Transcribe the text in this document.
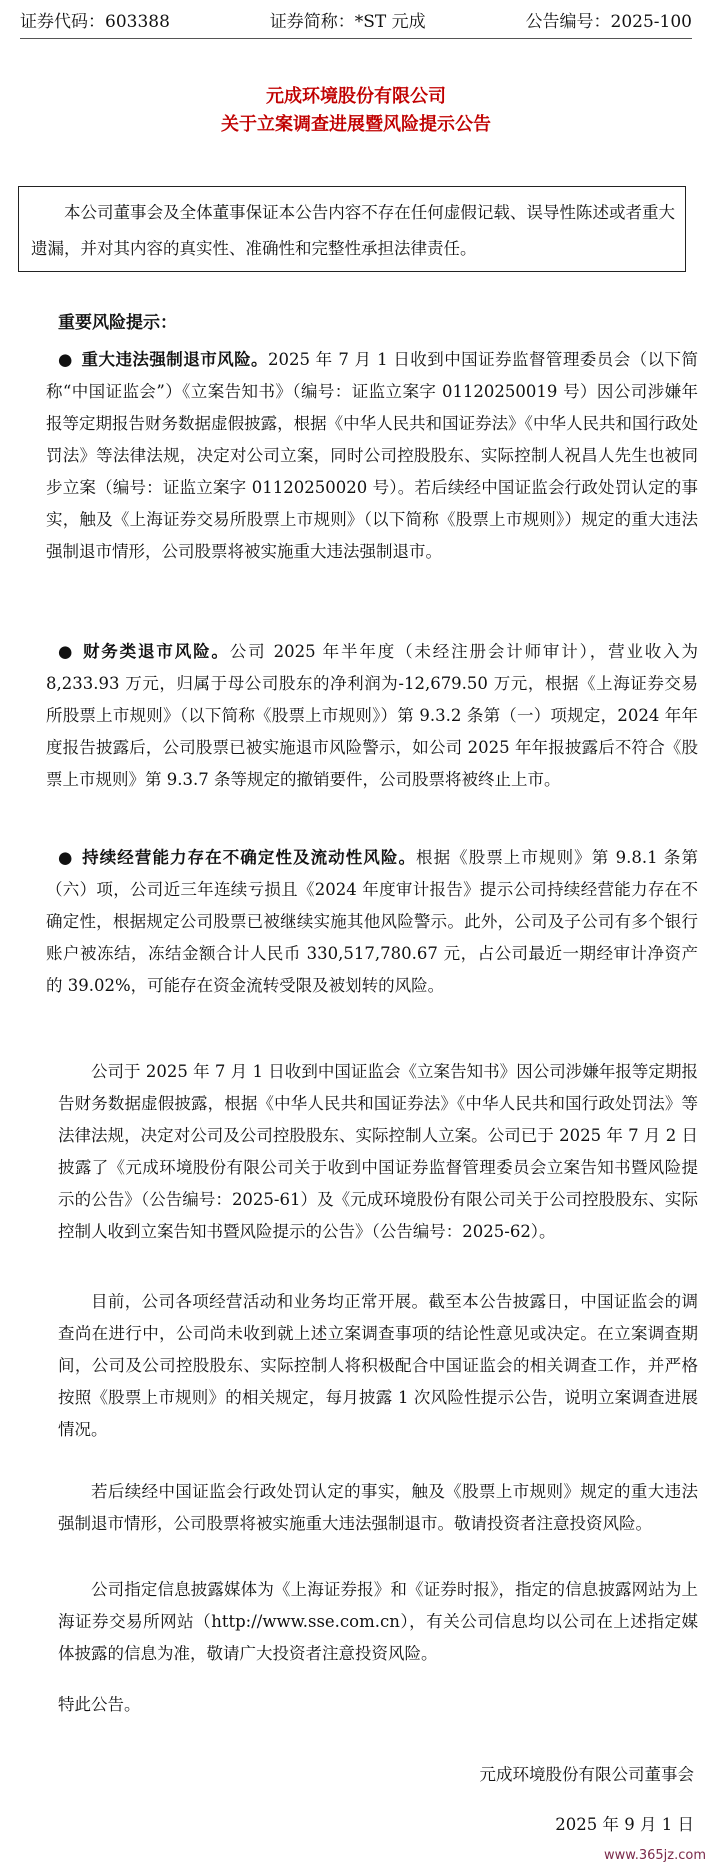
证券代码：603388	证券简称：*ST 元成	公告编号：2025-100
元成环境股份有限公司
关于立案调查进展暨风险提示公告
本公司董事会及全体董事保证本公告内容不存在任何虚假记载、误导性陈述或者重大遗漏，并对其内容的真实性、准确性和完整性承担法律责任。
重要风险提示：
● 重大违法强制退市风险。2025 年 7 月 1 日收到中国证券监督管理委员会（以下简称“中国证监会”）《立案告知书》（编号：证监立案字 01120250019 号）因公司涉嫌年报等定期报告财务数据虚假披露，根据《中华人民共和国证券法》《中华人民共和国行政处罚法》等法律法规，决定对公司立案，同时公司控股股东、实际控制人祝昌人先生也被同步立案（编号：证监立案字 01120250020 号）。若后续经中国证监会行政处罚认定的事实，触及《上海证券交易所股票上市规则》（以下简称《股票上市规则》）规定的重大违法强制退市情形，公司股票将被实施重大违法强制退市。
● 财务类退市风险。公司 2025 年半年度（未经注册会计师审计），营业收入为 8,233.93 万元，归属于母公司股东的净利润为-12,679.50 万元，根据《上海证券交易所股票上市规则》（以下简称《股票上市规则》）第 9.3.2 条第（一）项规定，2024 年年度报告披露后，公司股票已被实施退市风险警示，如公司 2025 年年报披露后不符合《股票上市规则》第 9.3.7 条等规定的撤销要件，公司股票将被终止上市。
● 持续经营能力存在不确定性及流动性风险。根据《股票上市规则》第 9.8.1 条第（六）项，公司近三年连续亏损且《2024 年度审计报告》提示公司持续经营能力存在不确定性，根据规定公司股票已被继续实施其他风险警示。此外，公司及子公司有多个银行账户被冻结，冻结金额合计人民币 330,517,780.67 元，占公司最近一期经审计净资产的 39.02%，可能存在资金流转受限及被划转的风险。
公司于 2025 年 7 月 1 日收到中国证监会《立案告知书》因公司涉嫌年报等定期报告财务数据虚假披露，根据《中华人民共和国证券法》《中华人民共和国行政处罚法》等法律法规，决定对公司及公司控股股东、实际控制人立案。公司已于 2025 年 7 月 2 日披露了《元成环境股份有限公司关于收到中国证券监督管理委员会立案告知书暨风险提示的公告》（公告编号：2025-61）及《元成环境股份有限公司关于公司控股股东、实际控制人收到立案告知书暨风险提示的公告》（公告编号：2025-62）。
目前，公司各项经营活动和业务均正常开展。截至本公告披露日，中国证监会的调查尚在进行中，公司尚未收到就上述立案调查事项的结论性意见或决定。在立案调查期间，公司及公司控股股东、实际控制人将积极配合中国证监会的相关调查工作，并严格按照《股票上市规则》的相关规定，每月披露 1 次风险性提示公告，说明立案调查进展情况。
若后续经中国证监会行政处罚认定的事实，触及《股票上市规则》规定的重大违法强制退市情形，公司股票将被实施重大违法强制退市。敬请投资者注意投资风险。
公司指定信息披露媒体为《上海证券报》和《证券时报》，指定的信息披露网站为上海证券交易所网站（http://www.sse.com.cn），有关公司信息均以公司在上述指定媒体披露的信息为准，敬请广大投资者注意投资风险。
特此公告。
元成环境股份有限公司董事会
2025 年 9 月 1 日
www.365jz.com
